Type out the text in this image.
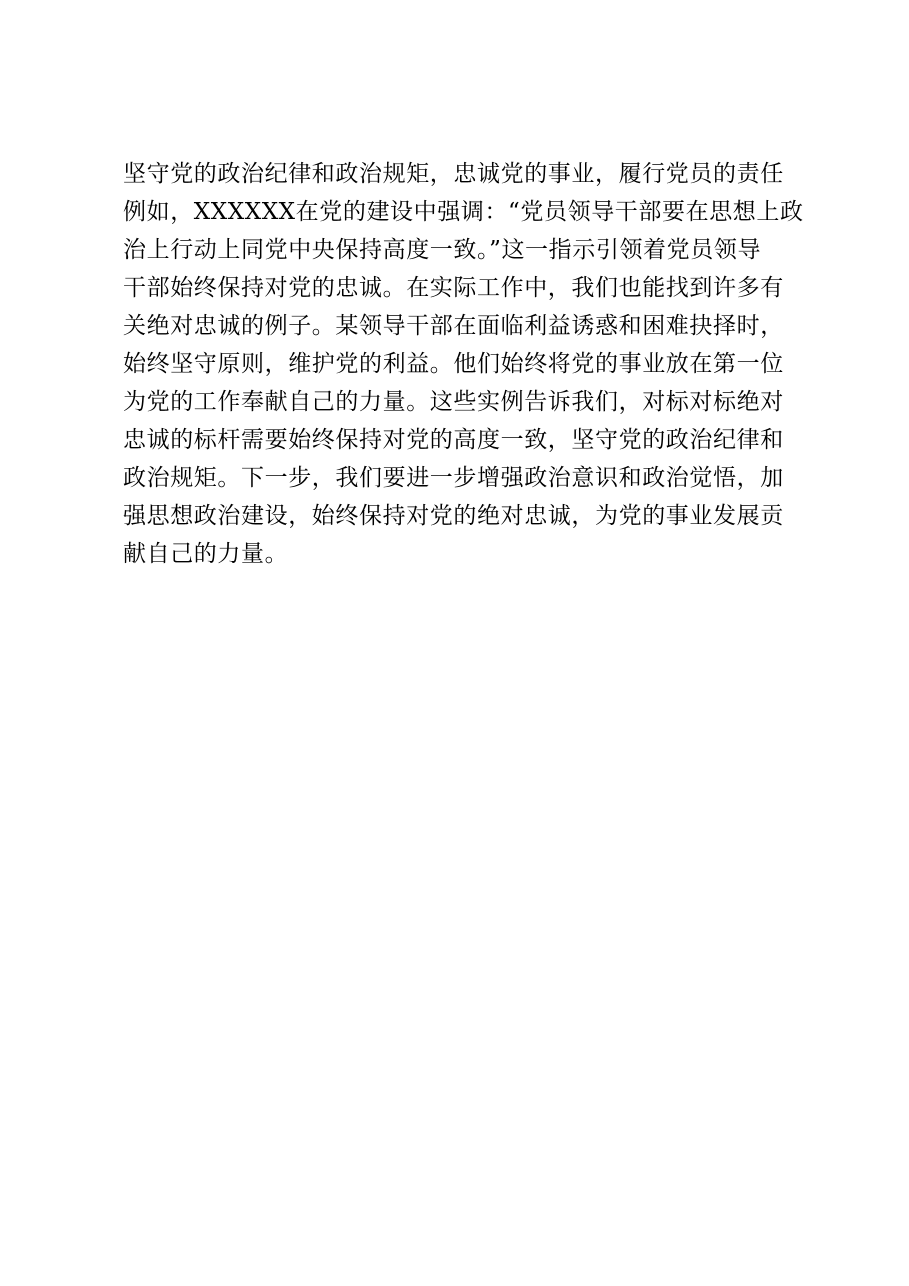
坚守党的政治纪律和政治规矩，忠诚党的事业，履行党员的责任
例如，XXXXXX在党的建设中强调：“党员领导干部要在思想上政
治上行动上同党中央保持高度一致。”这一指示引领着党员领导
干部始终保持对党的忠诚。在实际工作中，我们也能找到许多有
关绝对忠诚的例子。某领导干部在面临利益诱惑和困难抉择时，
始终坚守原则，维护党的利益。他们始终将党的事业放在第一位
为党的工作奉献自己的力量。这些实例告诉我们，对标对标绝对
忠诚的标杆需要始终保持对党的高度一致，坚守党的政治纪律和
政治规矩。下一步，我们要进一步增强政治意识和政治觉悟，加
强思想政治建设，始终保持对党的绝对忠诚，为党的事业发展贡
献自己的力量。
